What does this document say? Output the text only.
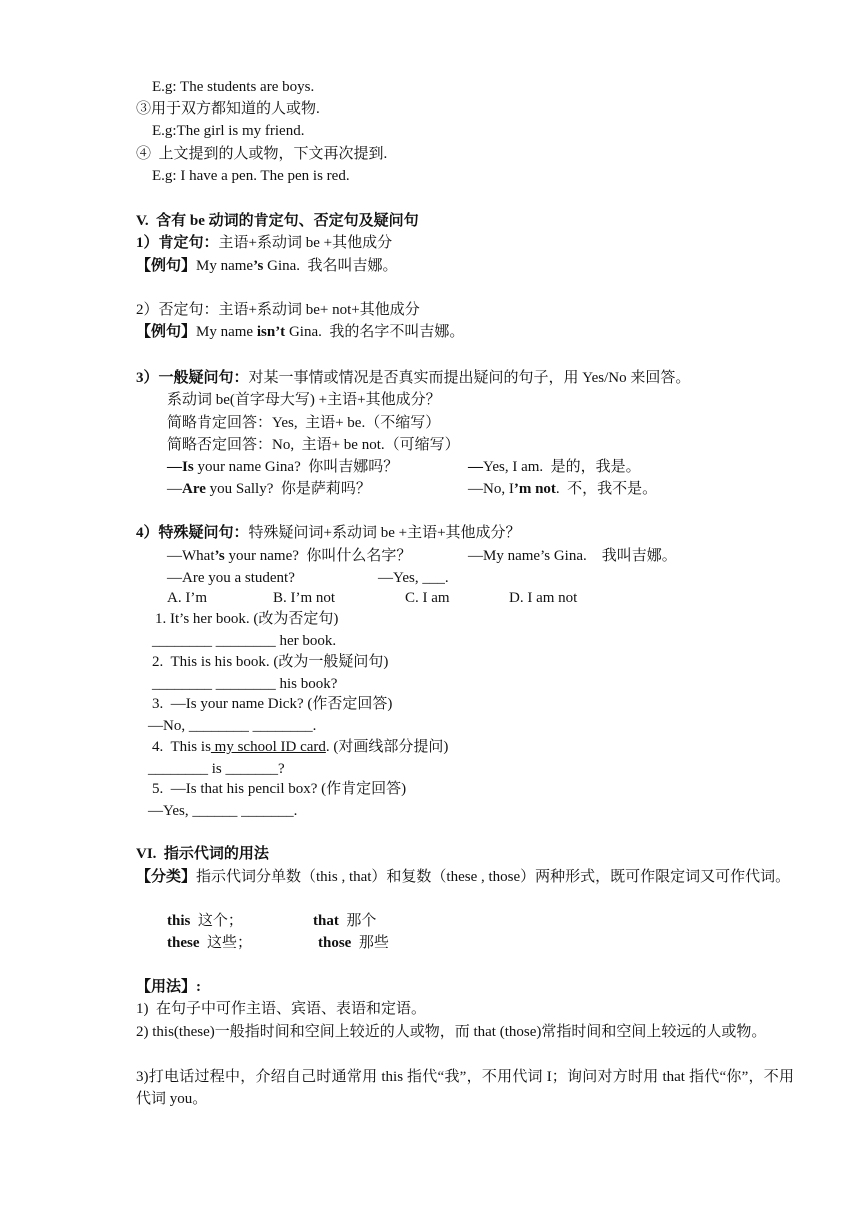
E.g: The students are boys.
③用于双方都知道的人或物.
E.g:The girl is my friend.
④  上文提到的人或物，下文再次提到.
E.g: I have a pen. The pen is red.
V.  含有 be 动词的肯定句、否定句及疑问句
1）肯定句：主语+系动词 be +其他成分
【例句】My name’s Gina.  我名叫吉娜。
2）否定句：主语+系动词 be+ not+其他成分
【例句】My name isn’t Gina.  我的名字不叫吉娜。
3）一般疑问句：对某一事情或情况是否真实而提出疑问的句子，用 Yes/No 来回答。
系动词 be(首字母大写) +主语+其他成分？
简略肯定回答：Yes,  主语+ be.（不缩写）
简略否定回答：No,  主语+ be not.（可缩写）
—Is your name Gina?  你叫吉娜吗？	—Yes, I am.  是的，我是。
—Are you Sally?  你是萨莉吗？	—No, I’m not.  不，我不是。
4）特殊疑问句：特殊疑问词+系动词 be +主语+其他成分？
—What’s your name?  你叫什么名字？	—My name’s Gina.    我叫吉娜。
—Are you a student?	—Yes, ___.
A. I’m	B. I’m not	C. I am	D. I am not
1. It’s her book. (改为否定句)
________ ________ her book.
2.  This is his book. (改为一般疑问句)
________ ________ his book?
3.  —Is your name Dick? (作否定回答)
—No, ________ ________.
4.  This is my school ID card. (对画线部分提问)
________ is _______?
5.  —Is that his pencil box? (作肯定回答)
—Yes, ______ _______.
VI.  指示代词的用法
【分类】指示代词分单数（this , that）和复数（these , those）两种形式，既可作限定词又可作代词。
this  这个；	that  那个
these  这些；	those  那些
【用法】:
1)  在句子中可作主语、宾语、表语和定语。
2) this(these)一般指时间和空间上较近的人或物，而 that (those)常指时间和空间上较远的人或物。
3)打电话过程中，介绍自己时通常用 this 指代“我”，不用代词 I；询问对方时用 that 指代“你”，不用代词 you。
